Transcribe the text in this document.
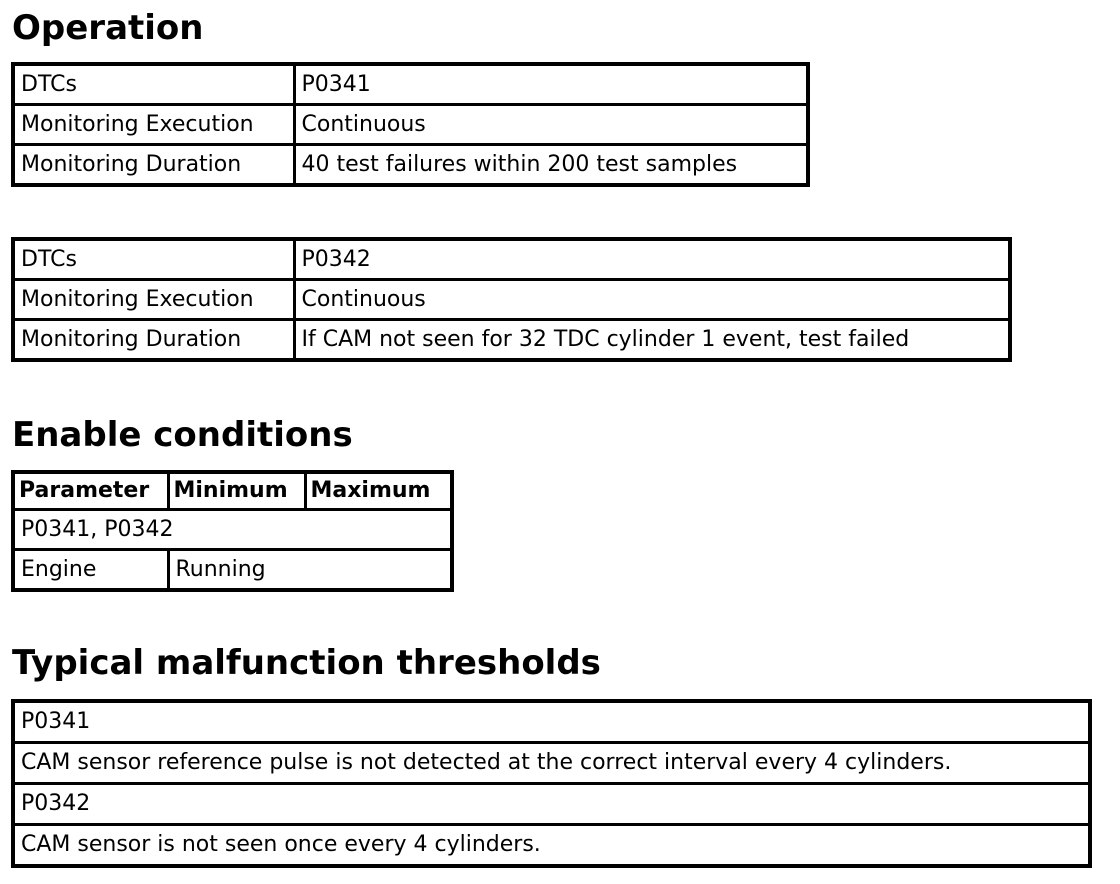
Operation
DTCs	P0341
Monitoring Execution	Continuous
Monitoring Duration	40 test failures within 200 test samples
DTCs	P0342
Monitoring Execution	Continuous
Monitoring Duration	If CAM not seen for 32 TDC cylinder 1 event, test failed
Enable conditions
Parameter	Minimum	Maximum
P0341, P0342		
Engine	Running	
Typical malfunction thresholds
P0341
CAM sensor reference pulse is not detected at the correct interval every 4 cylinders.
P0342
CAM sensor is not seen once every 4 cylinders.
